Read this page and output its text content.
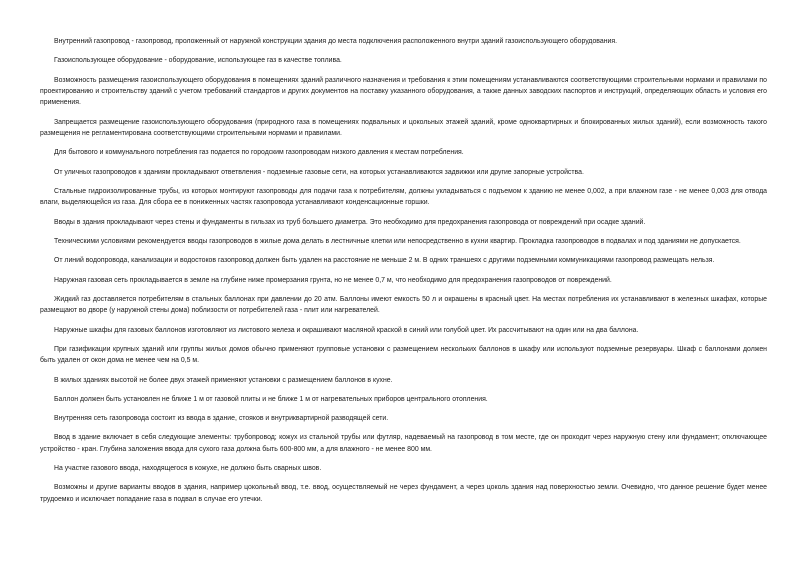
Внутренний газопровод - газопровод, проложенный от наружной конструкции здания до места подключения расположенного внутри зданий газоиспользующего оборудования.

Газоиспользующее оборудование - оборудование, использующее газ в качестве топлива.

Возможность размещения газоиспользующего оборудования в помещениях зданий различного назначения и требования к этим помещениям устанавливаются соответствующими строительными нормами и правилами по проектированию и строительству зданий с учетом требований стандартов и других документов на поставку указанного оборудования, а также данных заводских паспортов и инструкций, определяющих область и условия его применения.

Запрещается размещение газоиспользующего оборудования (природного газа в помещениях подвальных и цокольных этажей зданий, кроме одноквартирных и блокированных жилых зданий), если возможность такого размещения не регламентирована соответствующими строительными нормами и правилами.

Для бытового и коммунального потребления газ подается по городским газопроводам низкого давления к местам потребления.

От уличных газопроводов к зданиям прокладывают ответвления - подземные газовые сети, на которых устанавливаются задвижки или другие запорные устройства.

Стальные гидроизолированные трубы, из которых монтируют газопроводы для подачи газа к потребителям, должны укладываться с подъемом к зданию не менее 0,002, а при влажном газе - не менее 0,003 для отвода влаги, выделяющейся из газа. Для сбора ее в пониженных частях газопровода устанавливают конденсационные горшки.

Вводы в здания прокладывают через стены и фундаменты в гильзах из труб большего диаметра. Это необходимо для предохранения газопровода от повреждений при осадке зданий.

Техническими условиями рекомендуется вводы газопроводов в жилые дома делать в лестничные клетки или непосредственно в кухни квартир. Прокладка газопроводов в подвалах и под зданиями не допускается.

От линий водопровода, канализации и водостоков газопровод должен быть удален на расстояние не меньше 2 м. В одних траншеях с другими подземными коммуникациями газопровод размещать нельзя.

Наружная газовая сеть прокладывается в земле на глубине ниже промерзания грунта, но не менее 0,7 м, что необходимо для предохранения газопроводов от повреждений.

Жидкий газ доставляется потребителям в стальных баллонах при давлении до 20 атм. Баллоны имеют емкость 50 л и окрашены в красный цвет. На местах потребления их устанавливают в железных шкафах, которые размещают во дворе (у наружной стены дома) поблизости от потребителей газа - плит или нагревателей.

Наружные шкафы для газовых баллонов изготовляют из листового железа и окрашивают масляной краской в синий или голубой цвет. Их рассчитывают на один или на два баллона.

При газификации крупных зданий или группы жилых домов обычно применяют групповые установки с размещением нескольких баллонов в шкафу или используют подземные резервуары. Шкаф с баллонами должен быть удален от окон дома не менее чем на 0,5 м.

В жилых зданиях высотой не более двух этажей применяют установки с размещением баллонов в кухне.

Баллон должен быть установлен не ближе 1 м от газовой плиты и не ближе 1 м от нагревательных приборов центрального отопления.

Внутренняя сеть газопровода состоит из ввода в здание, стояков и внутриквартирной разводящей сети.

Ввод в здание включает в себя следующие элементы: трубопровод; кожух из стальной трубы или футляр, надеваемый на газопровод в том месте, где он проходит через наружную стену или фундамент; отключающее устройство - кран. Глубина заложения ввода для сухого газа должна быть 600-800 мм, а для влажного - не менее 800 мм.

На участке газового ввода, находящегося в кожухе, не должно быть сварных швов.

Возможны и другие варианты вводов в здания, например цокольный ввод, т.е. ввод, осуществляемый не через фундамент, а через цоколь здания над поверхностью земли. Очевидно, что данное решение будет менее трудоемко и исключает попадание газа в подвал в случае его утечки.
